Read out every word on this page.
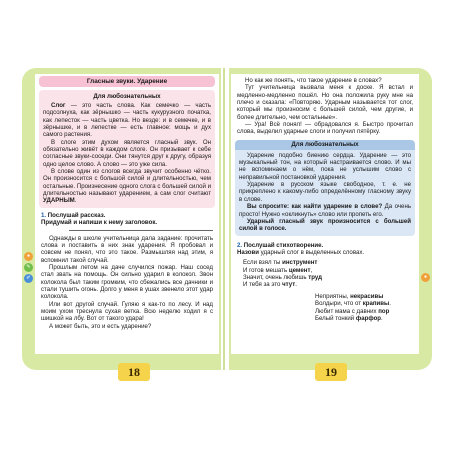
Гласные звуки. Ударение
Для любознательных

Слог — это часть слова. Как семечко — часть подсолнуха, как зёрнышко — часть кукурузного початка, как лепесток — часть цветка. Но везде: и в семечке, и в зёрнышке, и в лепестке — есть главное: мощь и дух самого растения.

В слоге этим духом является гласный звук. Он обязательно живёт в каждом слоге. Он призывает к себе согласные звуки-соседи. Они тянутся друг к другу, образуя одно целое слово. А слово — это уже сила.

В слове один из слогов всегда звучит особенно чётко. Он произносится с большой силой и длительностью, чем остальные. Произнесение одного слога с большей силой и длительностью называют ударением, а сам слог считают УДАРНЫМ.

1. Послушай рассказ.
Придумай и напиши к нему заголовок.

Однажды в школе учительница дала задание: прочитать слова и поставить в них знак ударения. Я пробовал и совсем не понял, что это такое. Размышляя над этим, я вспомнил такой случай.

Прошлым летом на даче случился пожар. Наш сосед стал звать на помощь. Он сильно ударил в колокол. Звон колокола был таким громким, что сбежались все дачники и стали тушить огонь. Долго у меня в ушах звенело этот удар колокола.

Или вот другой случай. Гуляю я как-то по лесу. И над моим ухом треснула сухая ветка. Всю неделю ходил я с шишкой на лбу. Вот от такого удара!

А может быть, это и есть ударение?

●
✎
✐
18

Но как же понять, что такое ударение в словах?

Тут учительница вызвала меня к доске. Я встал и медленно-медленно пошёл. Но она положила руку мне на плечо и сказала: «Повторяю. Ударным называется тот слог, который мы произносим с большей силой, чем другие, и более длительно, чем остальные».

— Ура! Всё понял! — обрадовался я. Быстро прочитал слова, выделил ударные слоги и получил пятёрку.

Для любознательных

Ударение подобно биению сердца. Ударение — это музыкальный тон, на который настраивается слово. И мы не вспоминаем о нём, пока не услышим слово с неправильной постановкой ударения.

Ударение в русском языке свободное, т. е. не прикреплено к какому-либо определённому гласному звуку в слове.

Вы спросите: как найти ударение в слове? Да очень просто! Нужно «окликнуть» слово или пропеть его.

Ударный гласный звук произносится с большей силой в голосе.

2. Послушай стихотворение.
Назови ударный слог в выделенных словах.
Если взял ты инструмент
И готов мешать цемент,
Значит, очень любишь труд
И тебя за это чтут.
Неприятны, некрасивы
Волдыри, что от крапивы.
Любит мама с давних пор
Белый тонкий фарфор.
●
19
